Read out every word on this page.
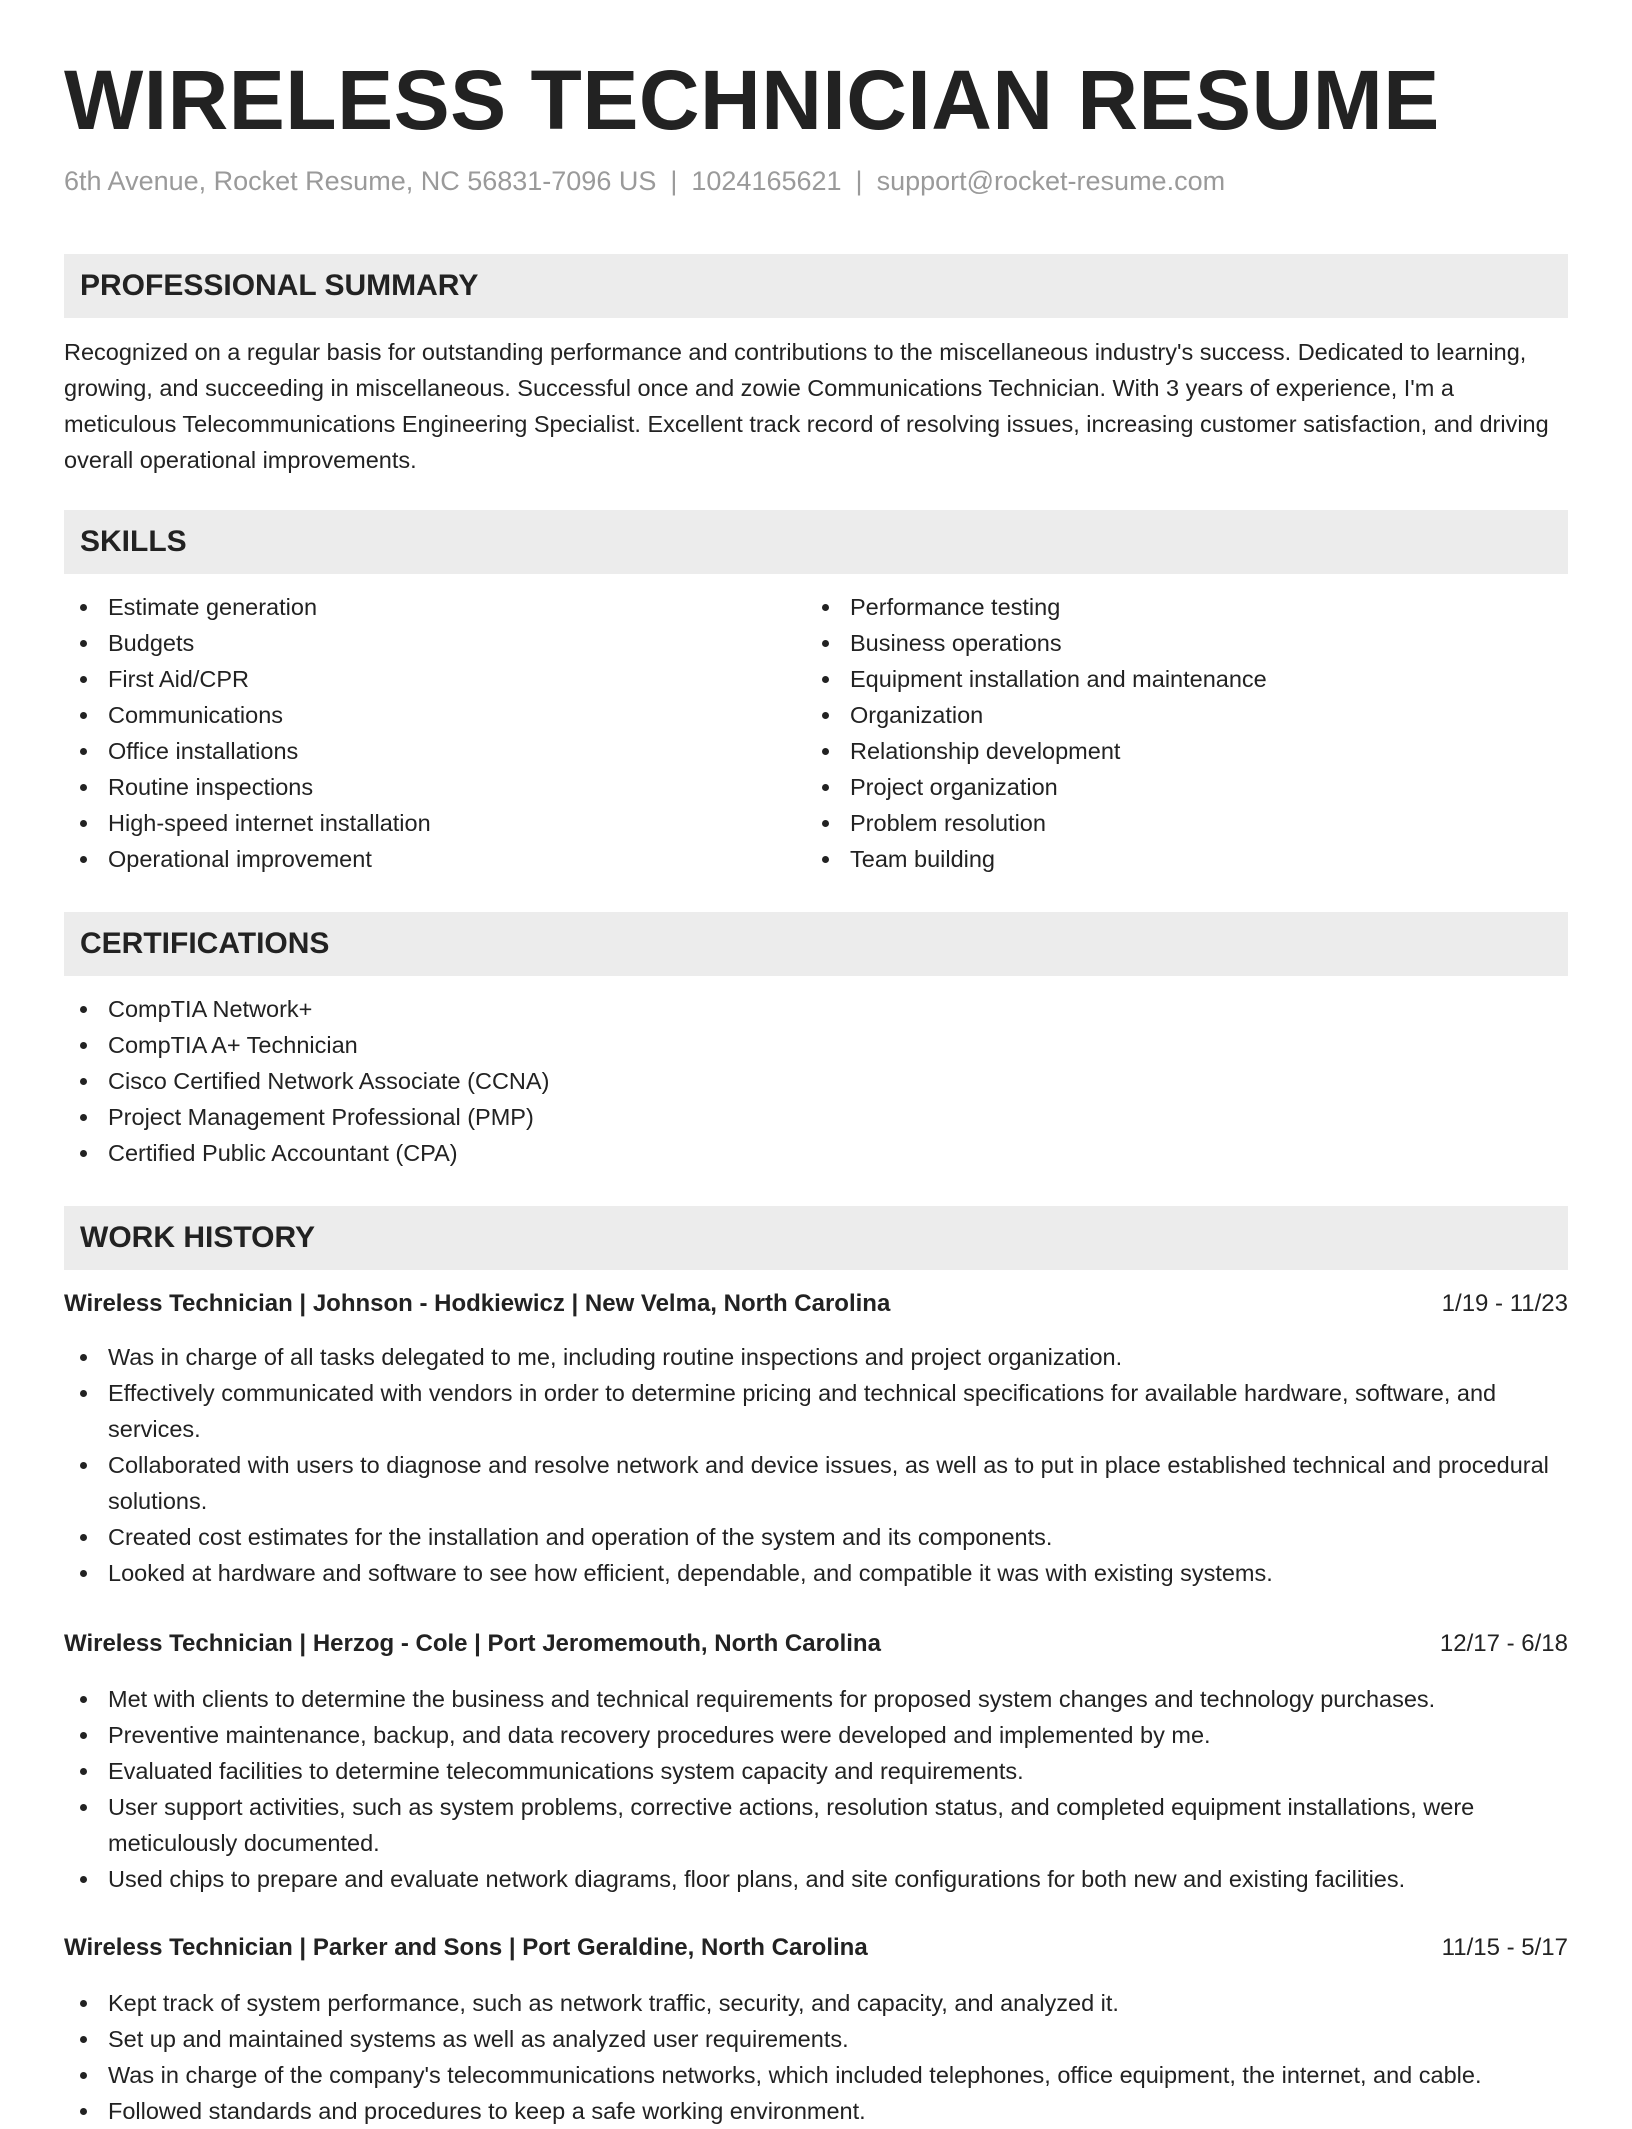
WIRELESS TECHNICIAN RESUME
6th Avenue, Rocket Resume, NC 56831-7096 US | 1024165621 | support@rocket-resume.com
PROFESSIONAL SUMMARY
Recognized on a regular basis for outstanding performance and contributions to the miscellaneous industry's success. Dedicated to learning, growing, and succeeding in miscellaneous. Successful once and zowie Communications Technician. With 3 years of experience, I'm a meticulous Telecommunications Engineering Specialist. Excellent track record of resolving issues, increasing customer satisfaction, and driving overall operational improvements.
SKILLS
Estimate generation
Budgets
First Aid/CPR
Communications
Office installations
Routine inspections
High-speed internet installation
Operational improvement
Performance testing
Business operations
Equipment installation and maintenance
Organization
Relationship development
Project organization
Problem resolution
Team building
CERTIFICATIONS
CompTIA Network+
CompTIA A+ Technician
Cisco Certified Network Associate (CCNA)
Project Management Professional (PMP)
Certified Public Accountant (CPA)
WORK HISTORY
Wireless Technician | Johnson - Hodkiewicz | New Velma, North Carolina	1/19 - 11/23
Was in charge of all tasks delegated to me, including routine inspections and project organization.
Effectively communicated with vendors in order to determine pricing and technical specifications for available hardware, software, and services.
Collaborated with users to diagnose and resolve network and device issues, as well as to put in place established technical and procedural solutions.
Created cost estimates for the installation and operation of the system and its components.
Looked at hardware and software to see how efficient, dependable, and compatible it was with existing systems.
Wireless Technician | Herzog - Cole | Port Jeromemouth, North Carolina	12/17 - 6/18
Met with clients to determine the business and technical requirements for proposed system changes and technology purchases.
Preventive maintenance, backup, and data recovery procedures were developed and implemented by me.
Evaluated facilities to determine telecommunications system capacity and requirements.
User support activities, such as system problems, corrective actions, resolution status, and completed equipment installations, were meticulously documented.
Used chips to prepare and evaluate network diagrams, floor plans, and site configurations for both new and existing facilities.
Wireless Technician | Parker and Sons | Port Geraldine, North Carolina	11/15 - 5/17
Kept track of system performance, such as network traffic, security, and capacity, and analyzed it.
Set up and maintained systems as well as analyzed user requirements.
Was in charge of the company's telecommunications networks, which included telephones, office equipment, the internet, and cable.
Followed standards and procedures to keep a safe working environment.
